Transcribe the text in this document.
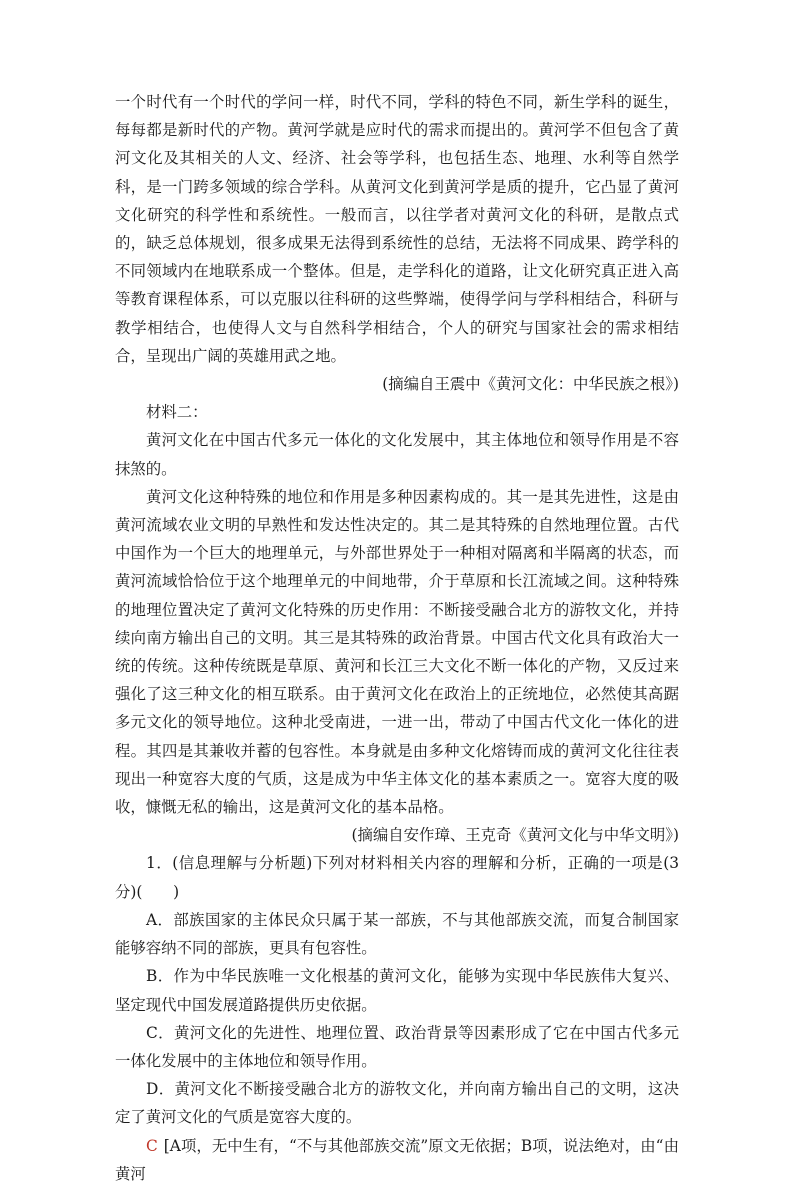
一个时代有一个时代的学问一样，时代不同，学科的特色不同，新生学科的诞生，每每都是新时代的产物。黄河学就是应时代的需求而提出的。黄河学不但包含了黄河文化及其相关的人文、经济、社会等学科，也包括生态、地理、水利等自然学科，是一门跨多领域的综合学科。从黄河文化到黄河学是质的提升，它凸显了黄河文化研究的科学性和系统性。一般而言，以往学者对黄河文化的科研，是散点式的，缺乏总体规划，很多成果无法得到系统性的总结，无法将不同成果、跨学科的不同领域内在地联系成一个整体。但是，走学科化的道路，让文化研究真正进入高等教育课程体系，可以克服以往科研的这些弊端，使得学问与学科相结合，科研与教学相结合，也使得人文与自然科学相结合，个人的研究与国家社会的需求相结合，呈现出广阔的英雄用武之地。

(摘编自王震中《黄河文化：中华民族之根》)

材料二：

黄河文化在中国古代多元一体化的文化发展中，其主体地位和领导作用是不容抹煞的。

黄河文化这种特殊的地位和作用是多种因素构成的。其一是其先进性，这是由黄河流域农业文明的早熟性和发达性决定的。其二是其特殊的自然地理位置。古代中国作为一个巨大的地理单元，与外部世界处于一种相对隔离和半隔离的状态，而黄河流域恰恰位于这个地理单元的中间地带，介于草原和长江流域之间。这种特殊的地理位置决定了黄河文化特殊的历史作用：不断接受融合北方的游牧文化，并持续向南方输出自己的文明。其三是其特殊的政治背景。中国古代文化具有政治大一统的传统。这种传统既是草原、黄河和长江三大文化不断一体化的产物，又反过来强化了这三种文化的相互联系。由于黄河文化在政治上的正统地位，必然使其高踞多元文化的领导地位。这种北受南进，一进一出，带动了中国古代文化一体化的进程。其四是其兼收并蓄的包容性。本身就是由多种文化熔铸而成的黄河文化往往表现出一种宽容大度的气质，这是成为中华主体文化的基本素质之一。宽容大度的吸收，慷慨无私的输出，这是黄河文化的基本品格。

(摘编自安作璋、王克奇《黄河文化与中华文明》)

1．(信息理解与分析题)下列对材料相关内容的理解和分析，正确的一项是(3分)(　　)

A．部族国家的主体民众只属于某一部族，不与其他部族交流，而复合制国家能够容纳不同的部族，更具有包容性。

B．作为中华民族唯一文化根基的黄河文化，能够为实现中华民族伟大复兴、坚定现代中国发展道路提供历史依据。

C．黄河文化的先进性、地理位置、政治背景等因素形成了它在中国古代多元一体化发展中的主体地位和领导作用。

D．黄河文化不断接受融合北方的游牧文化，并向南方输出自己的文明，这决定了黄河文化的气质是宽容大度的。

C [A项，无中生有，“不与其他部族交流”原文无依据；B项，说法绝对，由“由黄河
